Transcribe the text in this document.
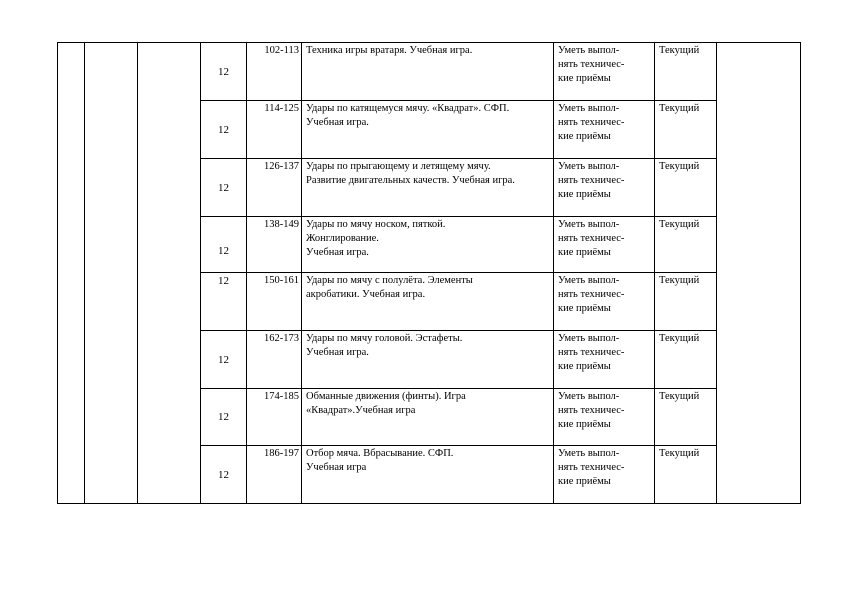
			12	102-113	Техника игры вратаря. Учебная игра.	Уметь выпол-
нять техничес-
кие приёмы	Текущий	
			12	114-125	Удары по катящемуся мячу. «Квадрат». СФП.
Учебная игра.	Уметь выпол-
нять техничес-
кие приёмы	Текущий	
			12	126-137	Удары по прыгающему и летящему мячу.
Развитие двигательных качеств. Учебная игра.	Уметь выпол-
нять техничес-
кие приёмы	Текущий	
			12	138-149	Удары по мячу носком, пяткой.
Жонглирование.
Учебная игра.	Уметь выпол-
нять техничес-
кие приёмы	Текущий	
			12	150-161	Удары по мячу с полулёта. Элементы
акробатики. Учебная игра.	Уметь выпол-
нять техничес-
кие приёмы	Текущий	
			12	162-173	Удары по мячу головой. Эстафеты.
Учебная игра.	Уметь выпол-
нять техничес-
кие приёмы	Текущий	
			12	174-185	Обманные движения (финты). Игра
«Квадрат».Учебная игра	Уметь выпол-
нять техничес-
кие приёмы	Текущий	
			12	186-197	Отбор мяча. Вбрасывание. СФП.
Учебная игра	Уметь выпол-
нять техничес-
кие приёмы	Текущий	
